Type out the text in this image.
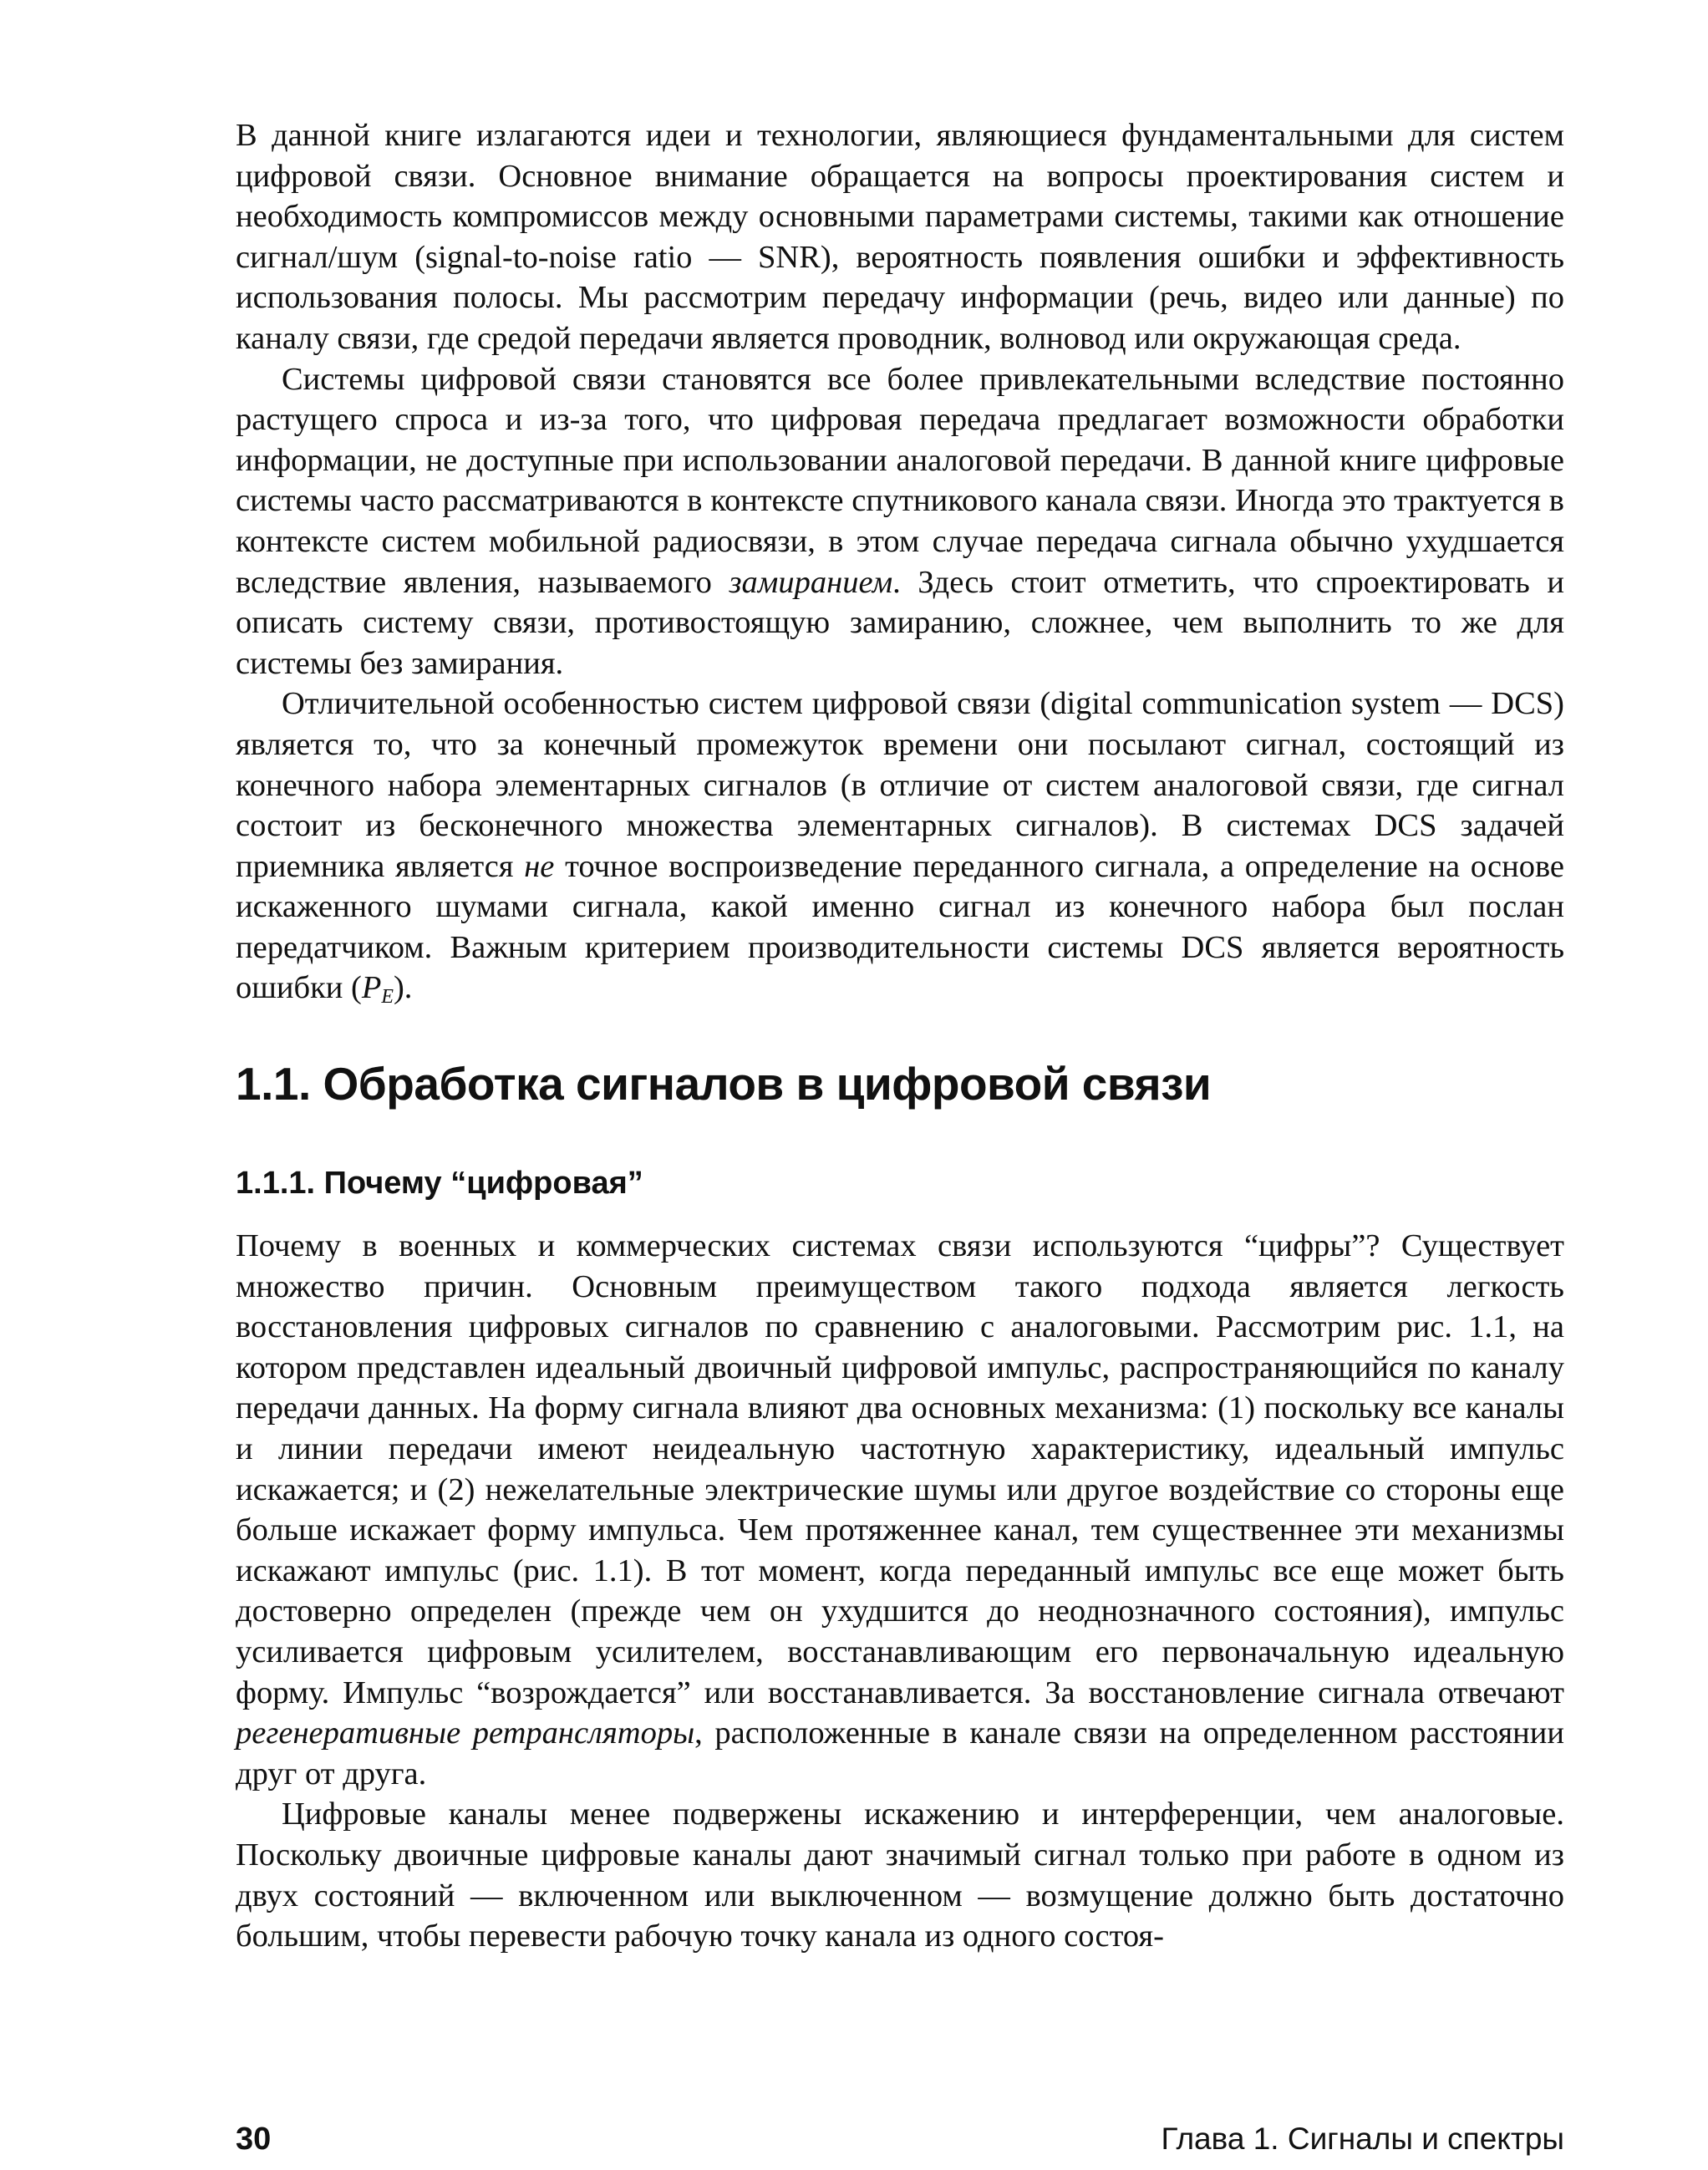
В данной книге излагаются идеи и технологии, являющиеся фундаментальными для систем цифровой связи. Основное внимание обращается на вопросы проектирования систем и необходимость компромиссов между основными параметрами системы, такими как отношение сигнал/шум (signal-to-noise ratio — SNR), вероятность появления ошибки и эффективность использования полосы. Мы рассмотрим передачу информации (речь, видео или данные) по каналу связи, где средой передачи является проводник, волновод или окружающая среда.

Системы цифровой связи становятся все более привлекательными вследствие постоянно растущего спроса и из-за того, что цифровая передача предлагает возможности обработки информации, не доступные при использовании аналоговой передачи. В данной книге цифровые системы часто рассматриваются в контексте спутникового канала связи. Иногда это трактуется в контексте систем мобильной радиосвязи, в этом случае передача сигнала обычно ухудшается вследствие явления, называемого замиранием. Здесь стоит отметить, что спроектировать и описать систему связи, противостоящую замиранию, сложнее, чем выполнить то же для системы без замирания.

Отличительной особенностью систем цифровой связи (digital communication system — DCS) является то, что за конечный промежуток времени они посылают сигнал, состоящий из конечного набора элементарных сигналов (в отличие от систем аналоговой связи, где сигнал состоит из бесконечного множества элементарных сигналов). В системах DCS задачей приемника является не точное воспроизведение переданного сигнала, а определение на основе искаженного шумами сигнала, какой именно сигнал из конечного набора был послан передатчиком. Важным критерием производительности системы DCS является вероятность ошибки $(P_E)$.

1.1. Обработка сигналов в цифровой связи
1.1.1. Почему “цифровая”

Почему в военных и коммерческих системах связи используются “цифры”? Существует множество причин. Основным преимуществом такого подхода является легкость восстановления цифровых сигналов по сравнению с аналоговыми. Рассмотрим рис. 1.1, на котором представлен идеальный двоичный цифровой импульс, распространяющийся по каналу передачи данных. На форму сигнала влияют два основных механизма: (1) поскольку все каналы и линии передачи имеют неидеальную частотную характеристику, идеальный импульс искажается; и (2) нежелательные электрические шумы или другое воздействие со стороны еще больше искажает форму импульса. Чем протяженнее канал, тем существеннее эти механизмы искажают импульс (рис. 1.1). В тот момент, когда переданный импульс все еще может быть достоверно определен (прежде чем он ухудшится до неоднозначного состояния), импульс усиливается цифровым усилителем, восстанавливающим его первоначальную идеальную форму. Импульс “возрождается” или восстанавливается. За восстановление сигнала отвечают регенеративные ретрансляторы, расположенные в канале связи на определенном расстоянии друг от друга.

Цифровые каналы менее подвержены искажению и интерференции, чем аналоговые. Поскольку двоичные цифровые каналы дают значимый сигнал только при работе в одном из двух состояний — включенном или выключенном — возмущение должно быть достаточно большим, чтобы перевести рабочую точку канала из одного состоя-

30	Глава 1. Сигналы и спектры
